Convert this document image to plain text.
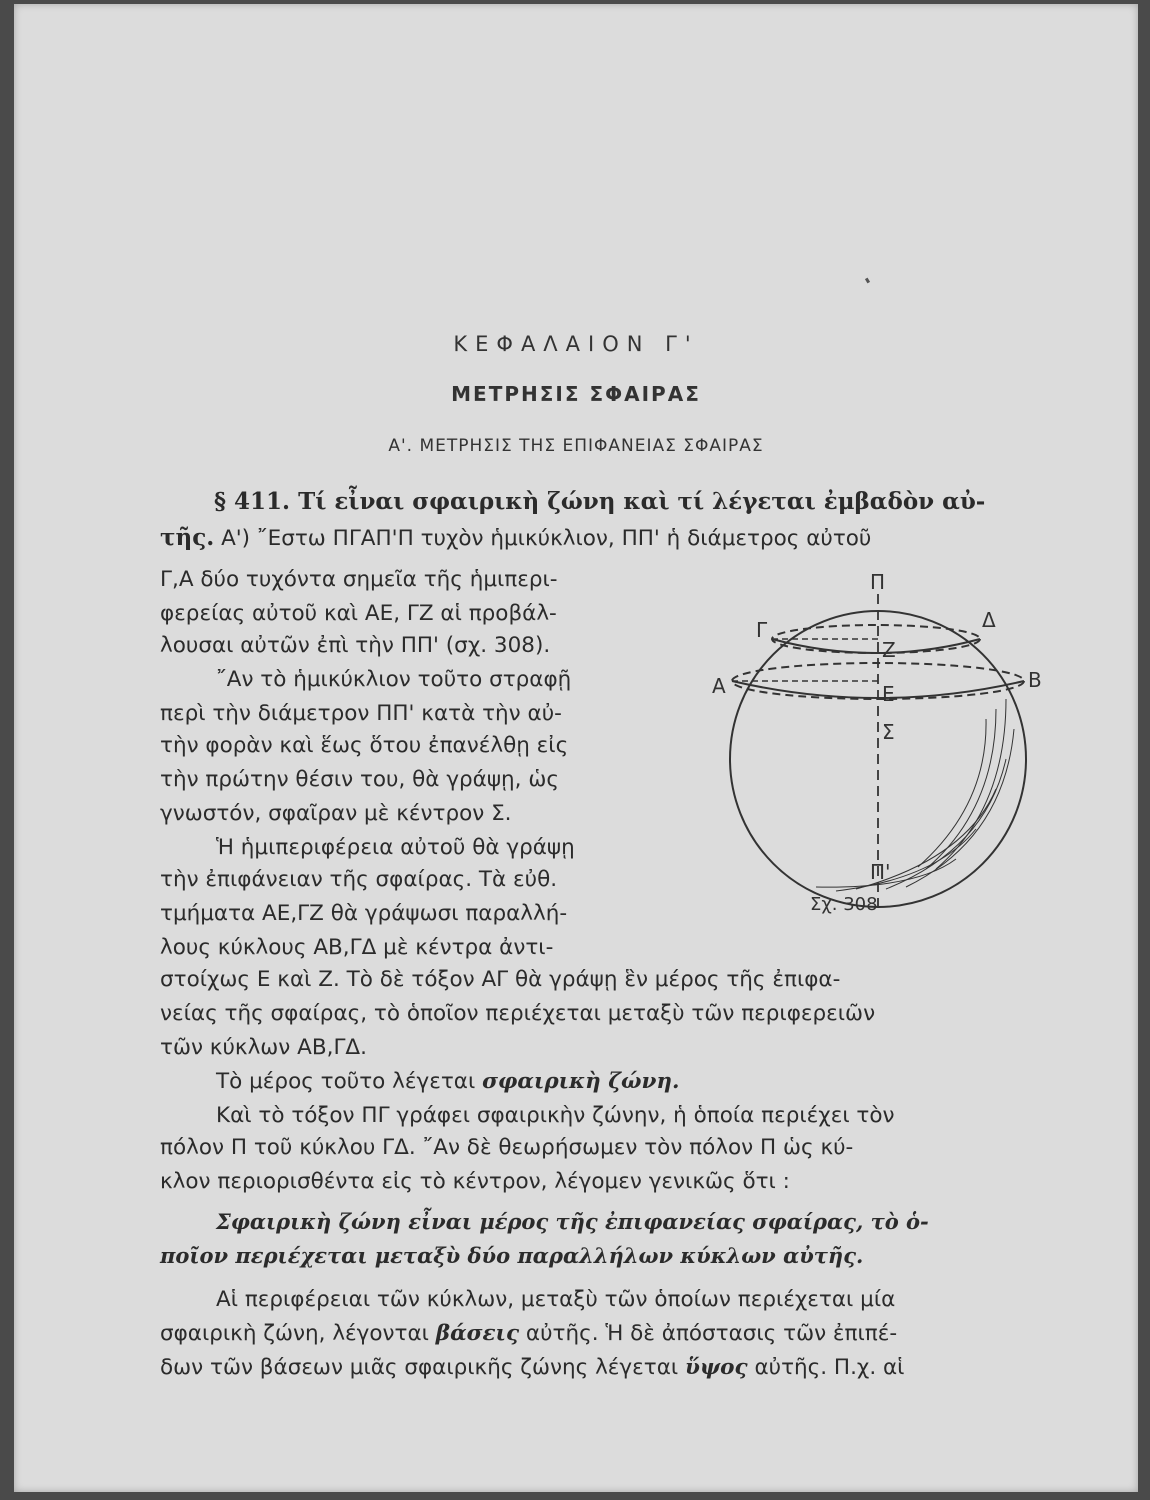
ΚΕΦΑΛΑΙΟΝ Γ'
ΜΕΤΡΗΣΙΣ ΣΦΑΙΡΑΣ
Α'. ΜΕΤΡΗΣΙΣ ΤΗΣ ΕΠΙΦΑΝΕΙΑΣ ΣΦΑΙΡΑΣ
§ 411. Τί εἶναι σφαιρικὴ ζώνη καὶ τί λέγεται ἐμβαδὸν αὐ-
τῆς. Α') ῎Εστω ΠΓΑΠ'Π τυχὸν ἡμικύκλιον, ΠΠ' ἡ διάμετρος αὐτοῦ
Γ,Α δύο τυχόντα σημεῖα τῆς ἡμιπερι-
φερείας αὐτοῦ καὶ ΑΕ, ΓΖ αἱ προβάλ-
λουσαι αὐτῶν ἐπὶ τὴν ΠΠ' (σχ. 308).
῎Αν τὸ ἡμικύκλιον τοῦτο στραφῇ
περὶ τὴν διάμετρον ΠΠ' κατὰ τὴν αὐ-
τὴν φορὰν καὶ ἕως ὅτου ἐπανέλθῃ εἰς
τὴν πρώτην θέσιν του, θὰ γράψῃ, ὡς
γνωστόν, σφαῖραν μὲ κέντρον Σ.
Ἡ ἡμιπεριφέρεια αὐτοῦ θὰ γράψῃ
τὴν ἐπιφάνειαν τῆς σφαίρας. Τὰ εὐθ.
τμήματα ΑΕ,ΓΖ θὰ γράψωσι παραλλή-
λους κύκλους ΑΒ,ΓΔ μὲ κέντρα ἀντι-
στοίχως Ε καὶ Ζ. Τὸ δὲ τόξον ΑΓ θὰ γράψῃ ἓν μέρος τῆς ἐπιφα-
νείας τῆς σφαίρας, τὸ ὁποῖον περιέχεται μεταξὺ τῶν περιφερειῶν
τῶν κύκλων ΑΒ,ΓΔ.
Τὸ μέρος τοῦτο λέγεται σφαιρικὴ ζώνη.
Καὶ τὸ τόξον ΠΓ γράφει σφαιρικὴν ζώνην, ἡ ὁποία περιέχει τὸν
πόλον Π τοῦ κύκλου ΓΔ. ῎Αν δὲ θεωρήσωμεν τὸν πόλον Π ὡς κύ-
κλον περιορισθέντα εἰς τὸ κέντρον, λέγομεν γενικῶς ὅτι :
Σφαιρικὴ ζώνη εἶναι μέρος τῆς ἐπιφανείας σφαίρας, τὸ ὁ-
ποῖον περιέχεται μεταξὺ δύο παραλλήλων κύκλων αὐτῆς.
Αἱ περιφέρειαι τῶν κύκλων, μεταξὺ τῶν ὁποίων περιέχεται μία
σφαιρικὴ ζώνη, λέγονται βάσεις αὐτῆς. Ἡ δὲ ἀπόστασις τῶν ἐπιπέ-
δων τῶν βάσεων μιᾶς σφαιρικῆς ζώνης λέγεται ὕψος αὐτῆς. Π.χ. αἱ
Π
Γ	Δ
Ζ
Α	Β
Ε
Σ
Π'
Σχ. 308
